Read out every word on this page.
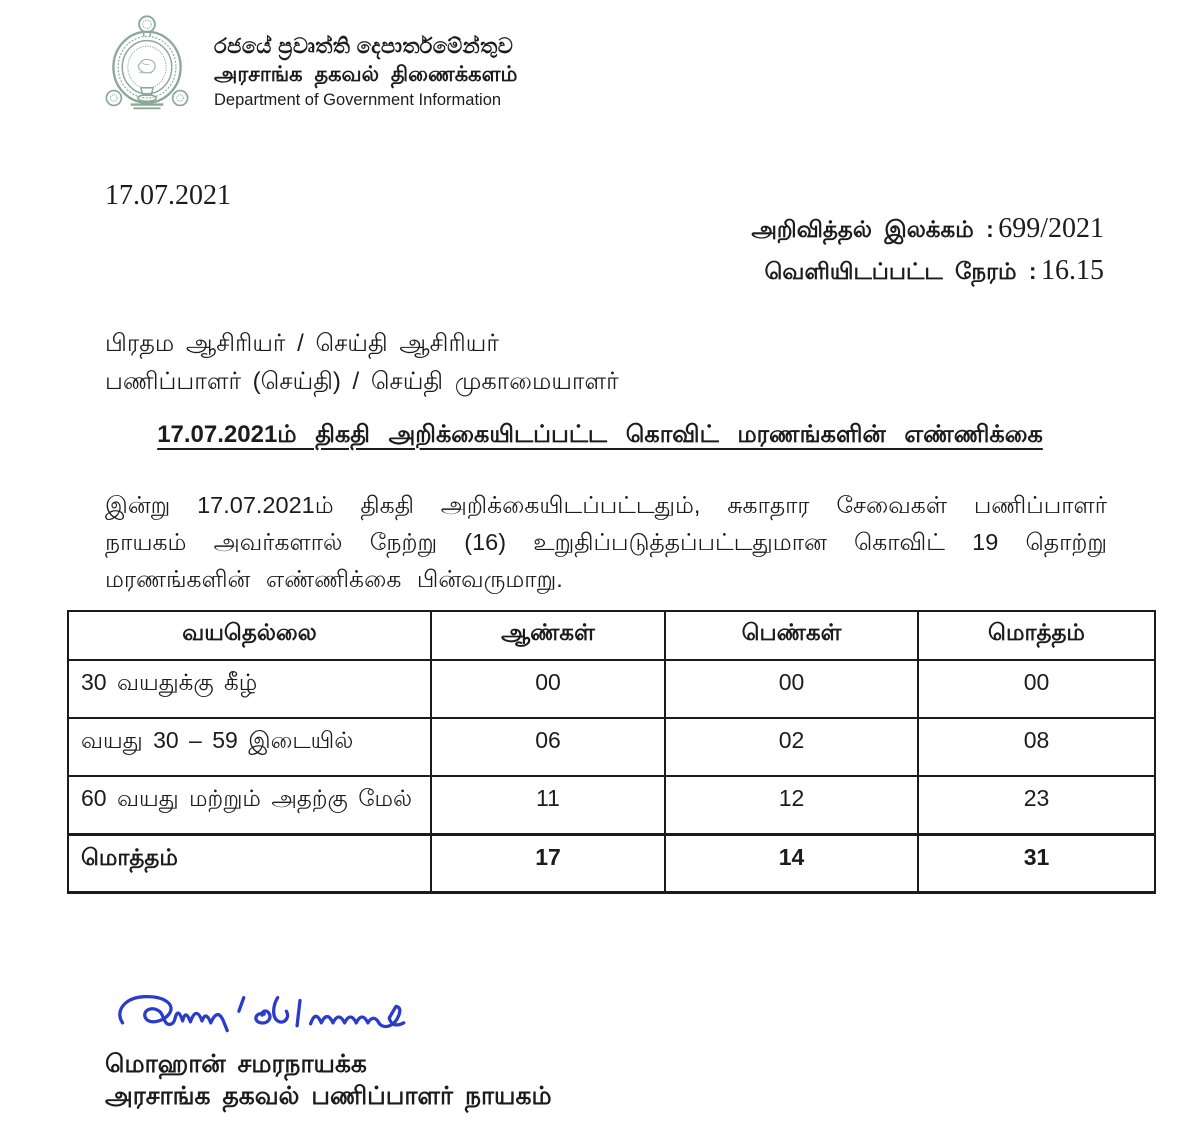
රජයේ ප්‍රවෘත්ති දෙපාර්තමේන්තුව
அரசாங்க தகவல் திணைக்களம்
Department of Government Information
17.07.2021
அறிவித்தல் இலக்கம் : 699/2021
வெளியிடப்பட்ட நேரம் : 16.15
பிரதம ஆசிரியர் / செய்தி ஆசிரியர்
பணிப்பாளர் (செய்தி) / செய்தி முகாமையாளர்
17.07.2021ம் திகதி அறிக்கையிடப்பட்ட கொவிட் மரணங்களின் எண்ணிக்கை

இன்று 17.07.2021ம் திகதி அறிக்கையிடப்பட்டதும், சுகாதார சேவைகள் பணிப்பாளர் நாயகம் அவர்களால் நேற்று (16) உறுதிப்படுத்தப்பட்டதுமான கொவிட் 19 தொற்று மரணங்களின் எண்ணிக்கை பின்வருமாறு.

வயதெல்லை	ஆண்கள்	பெண்கள்	மொத்தம்
30 வயதுக்கு கீழ்	00	00	00
வயது 30 – 59 இடையில்	06	02	08
60 வயது மற்றும் அதற்கு மேல்	11	12	23
மொத்தம்	17	14	31
மொஹான் சமரநாயக்க
அரசாங்க தகவல் பணிப்பாளர் நாயகம்
